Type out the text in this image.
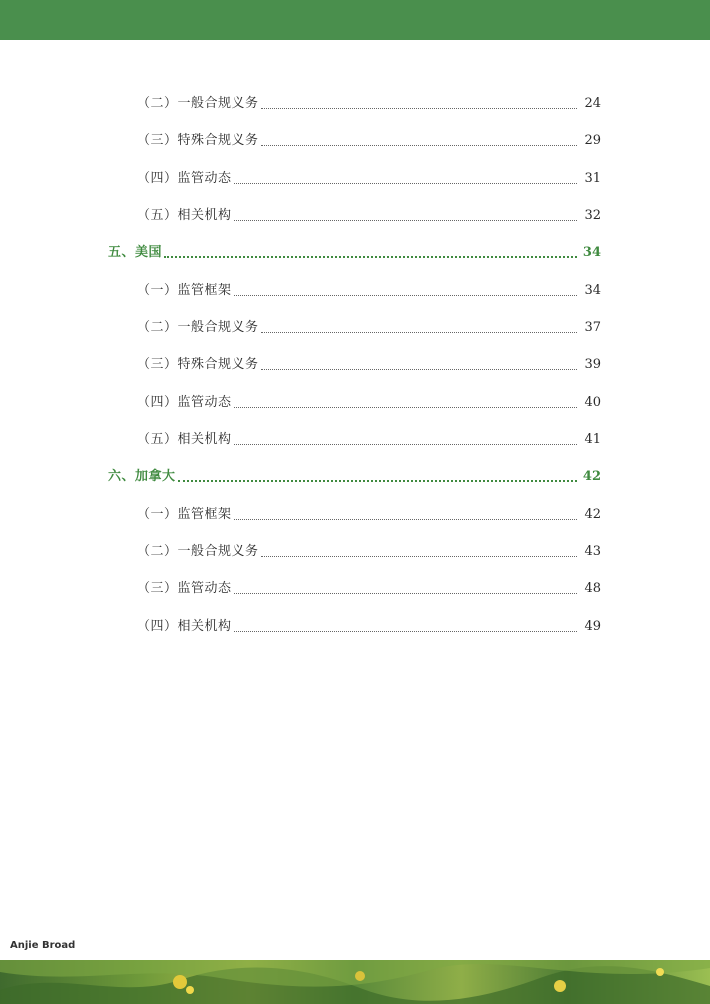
（二）一般合规义务	24
（三）特殊合规义务	29
（四）监管动态	31
（五）相关机构	32
五、美国	34
（一）监管框架	34
（二）一般合规义务	37
（三）特殊合规义务	39
（四）监管动态	40
（五）相关机构	41
六、加拿大	42
（一）监管框架	42
（二）一般合规义务	43
（三）监管动态	48
（四）相关机构	49
Anjie Broad
